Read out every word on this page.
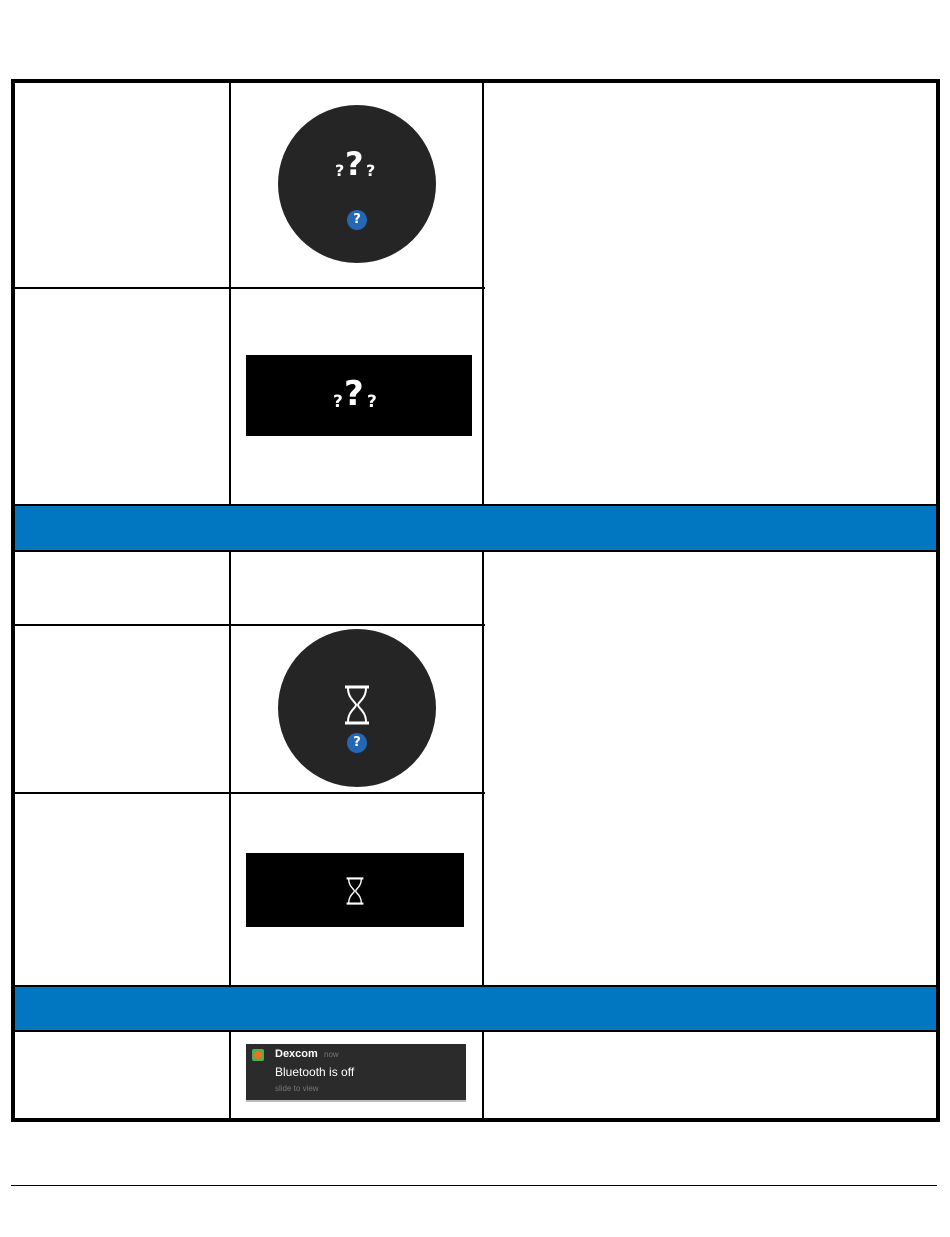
? ? ?
?
? ? ?
?
Dexcom now
Bluetooth is off
slide to view
